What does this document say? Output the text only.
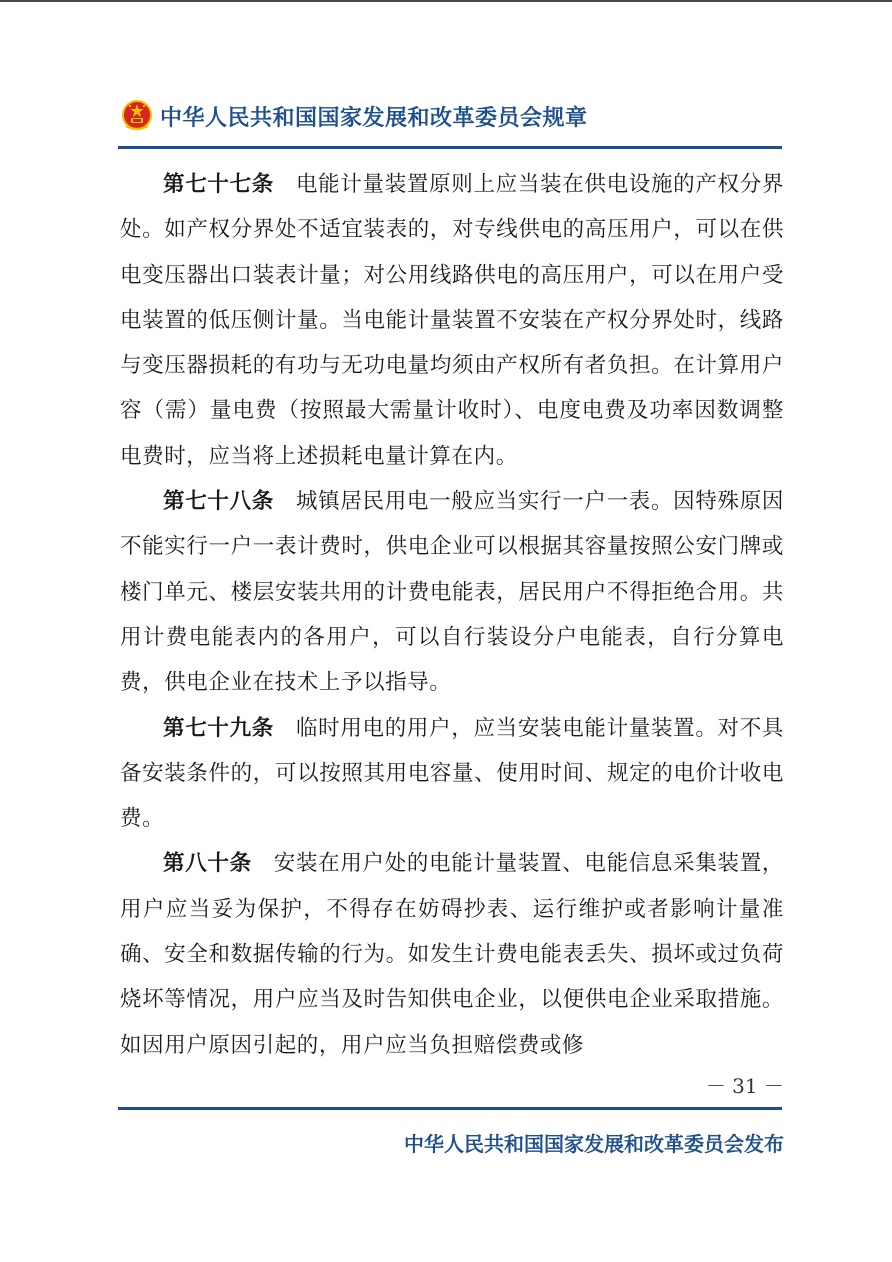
中华人民共和国国家发展和改革委员会规章

第七十七条 电能计量装置原则上应当装在供电设施的产权分界处。如产权分界处不适宜装表的，对专线供电的高压用户，可以在供电变压器出口装表计量；对公用线路供电的高压用户，可以在用户受电装置的低压侧计量。当电能计量装置不安装在产权分界处时，线路与变压器损耗的有功与无功电量均须由产权所有者负担。在计算用户容（需）量电费（按照最大需量计收时）、电度电费及功率因数调整电费时，应当将上述损耗电量计算在内。

第七十八条 城镇居民用电一般应当实行一户一表。因特殊原因不能实行一户一表计费时，供电企业可以根据其容量按照公安门牌或楼门单元、楼层安装共用的计费电能表，居民用户不得拒绝合用。共用计费电能表内的各用户，可以自行装设分户电能表，自行分算电费，供电企业在技术上予以指导。

第七十九条 临时用电的用户，应当安装电能计量装置。对不具备安装条件的，可以按照其用电容量、使用时间、规定的电价计收电费。

第八十条 安装在用户处的电能计量装置、电能信息采集装置，用户应当妥为保护，不得存在妨碍抄表、运行维护或者影响计量准确、安全和数据传输的行为。如发生计费电能表丢失、损坏或过负荷烧坏等情况，用户应当及时告知供电企业，以便供电企业采取措施。如因用户原因引起的，用户应当负担赔偿费或修

－ 31 －
中华人民共和国国家发展和改革委员会发布
